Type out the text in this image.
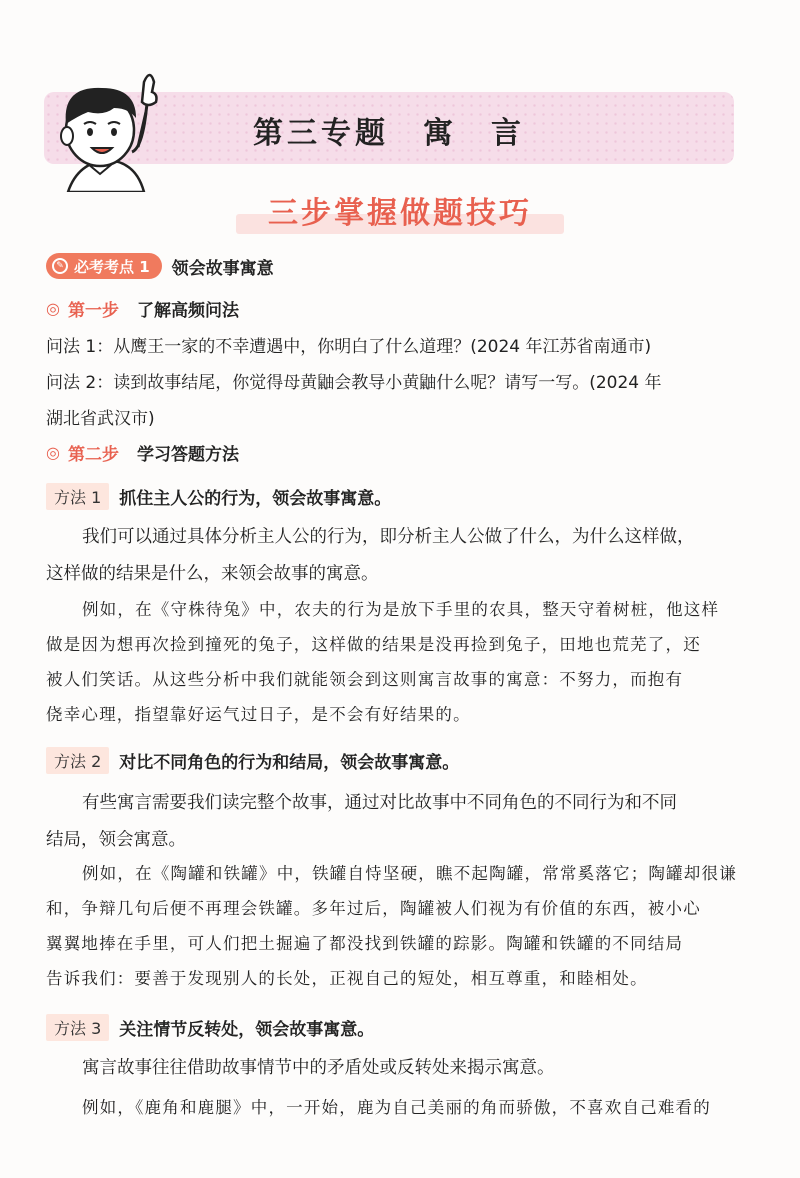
第三专题　寓　言
三步掌握做题技巧
✎ 必考考点 1 领会故事寓意
◎ 第一步 了解高频问法
问法 1：从鹰王一家的不幸遭遇中，你明白了什么道理？(2024 年江苏省南通市)
问法 2：读到故事结尾，你觉得母黄鼬会教导小黄鼬什么呢？请写一写。(2024 年
湖北省武汉市)
◎ 第二步 学习答题方法
方法 1	抓住主人公的行为，领会故事寓意。
我们可以通过具体分析主人公的行为，即分析主人公做了什么，为什么这样做，
这样做的结果是什么，来领会故事的寓意。
例如，在《守株待兔》中，农夫的行为是放下手里的农具，整天守着树桩，他这样
做是因为想再次捡到撞死的兔子，这样做的结果是没再捡到兔子，田地也荒芜了，还
被人们笑话。从这些分析中我们就能领会到这则寓言故事的寓意：不努力，而抱有
侥幸心理，指望靠好运气过日子，是不会有好结果的。
方法 2	对比不同角色的行为和结局，领会故事寓意。
有些寓言需要我们读完整个故事，通过对比故事中不同角色的不同行为和不同
结局，领会寓意。
例如，在《陶罐和铁罐》中，铁罐自恃坚硬，瞧不起陶罐，常常奚落它；陶罐却很谦
和，争辩几句后便不再理会铁罐。多年过后，陶罐被人们视为有价值的东西，被小心
翼翼地捧在手里，可人们把土掘遍了都没找到铁罐的踪影。陶罐和铁罐的不同结局
告诉我们：要善于发现别人的长处，正视自己的短处，相互尊重，和睦相处。
方法 3	关注情节反转处，领会故事寓意。
寓言故事往往借助故事情节中的矛盾处或反转处来揭示寓意。
例如，《鹿角和鹿腿》中，一开始，鹿为自己美丽的角而骄傲，不喜欢自己难看的
